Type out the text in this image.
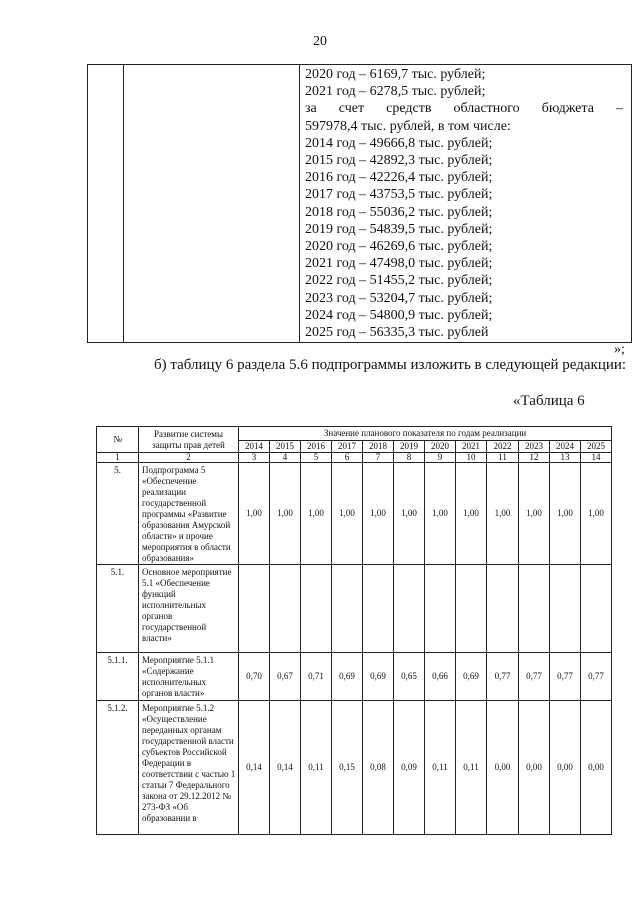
20

2020 год – 6169,7 тыс. рублей;
2021 год – 6278,5 тыс. рублей;
за счет средств областного бюджета –
597978,4 тыс. рублей, в том числе:
2014 год – 49666,8 тыс. рублей;
2015 год – 42892,3 тыс. рублей;
2016 год – 42226,4 тыс. рублей;
2017 год – 43753,5 тыс. рублей;
2018 год – 55036,2 тыс. рублей;
2019 год – 54839,5 тыс. рублей;
2020 год – 46269,6 тыс. рублей;
2021 год – 47498,0 тыс. рублей;
2022 год – 51455,2 тыс. рублей;
2023 год – 53204,7 тыс. рублей;
2024 год – 54800,9 тыс. рублей;
2025 год – 56335,3 тыс. рублей
»;
б) таблицу 6 раздела 5.6 подпрограммы изложить в следующей редакции:
«Таблица 6
№	Развитие системы защиты прав детей	Значение планового показателя по годам реализации											
		2014	2015	2016	2017	2018	2019	2020	2021	2022	2023	2024	2025
1	2	3	4	5	6	7	8	9	10	11	12	13	14
5.	Подпрограмма 5 «Обеспечение реализации государственной программы «Развитие образования Амурской области» и прочие мероприятия в области образования»	1,00	1,00	1,00	1,00	1,00	1,00	1,00	1,00	1,00	1,00	1,00	1,00
5.1.	Основное мероприятие 5.1 «Обеспечение функций исполнительных органов государственной власти»												
5.1.1.	Мероприятие 5.1.1 «Содержание исполнительных органов власти»	0,70	0,67	0,71	0,69	0,69	0,65	0,66	0,69	0,77	0,77	0,77	0,77
5.1.2.	Мероприятие 5.1.2 «Осуществление переданных органам государственной власти субъектов Российской Федерации в соответствии с частью 1 статьи 7 Федерального закона от 29.12.2012 № 273-ФЗ «Об образовании в	0,14	0,14	0,11	0,15	0,08	0,09	0,11	0,11	0,00	0,00	0,00	0,00
